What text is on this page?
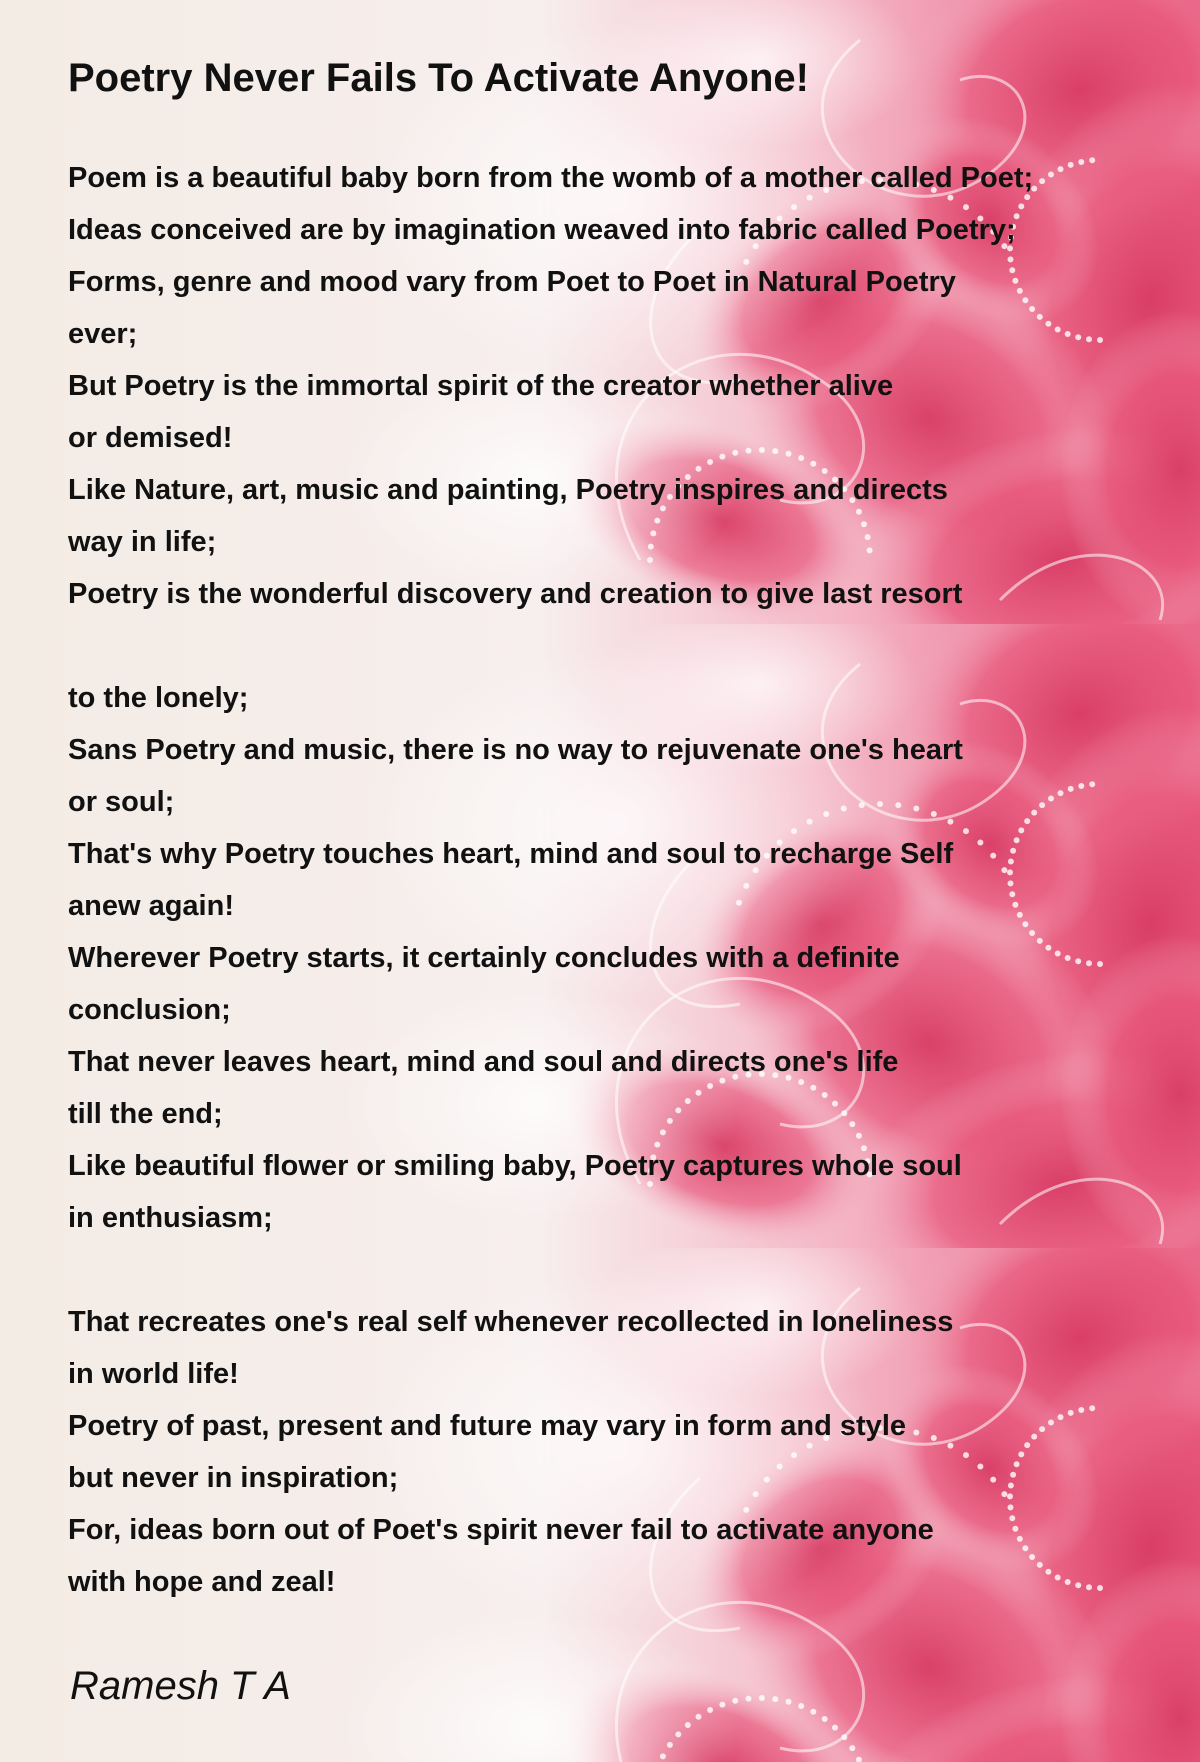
Poetry Never Fails To Activate Anyone!
Poem is a beautiful baby born from the womb of a mother called Poet;
Ideas conceived are by imagination weaved into fabric called Poetry;
Forms, genre and mood vary from Poet to Poet in Natural Poetry
ever;
But Poetry is the immortal spirit of the creator whether alive
or demised!
Like Nature, art, music and painting, Poetry inspires and directs
way in life;
Poetry is the wonderful discovery and creation to give last resort
to the lonely;
Sans Poetry and music, there is no way to rejuvenate one's heart
or soul;
That's why Poetry touches heart, mind and soul to recharge Self
anew again!
Wherever Poetry starts, it certainly concludes with a definite
conclusion;
That never leaves heart, mind and soul and directs one's life
till the end;
Like beautiful flower or smiling baby, Poetry captures whole soul
in enthusiasm;
That recreates one's real self whenever recollected in loneliness
in world life!
Poetry of past, present and future may vary in form and style
but never in inspiration;
For, ideas born out of Poet's spirit never fail to activate anyone
with hope and zeal!
Ramesh T A
